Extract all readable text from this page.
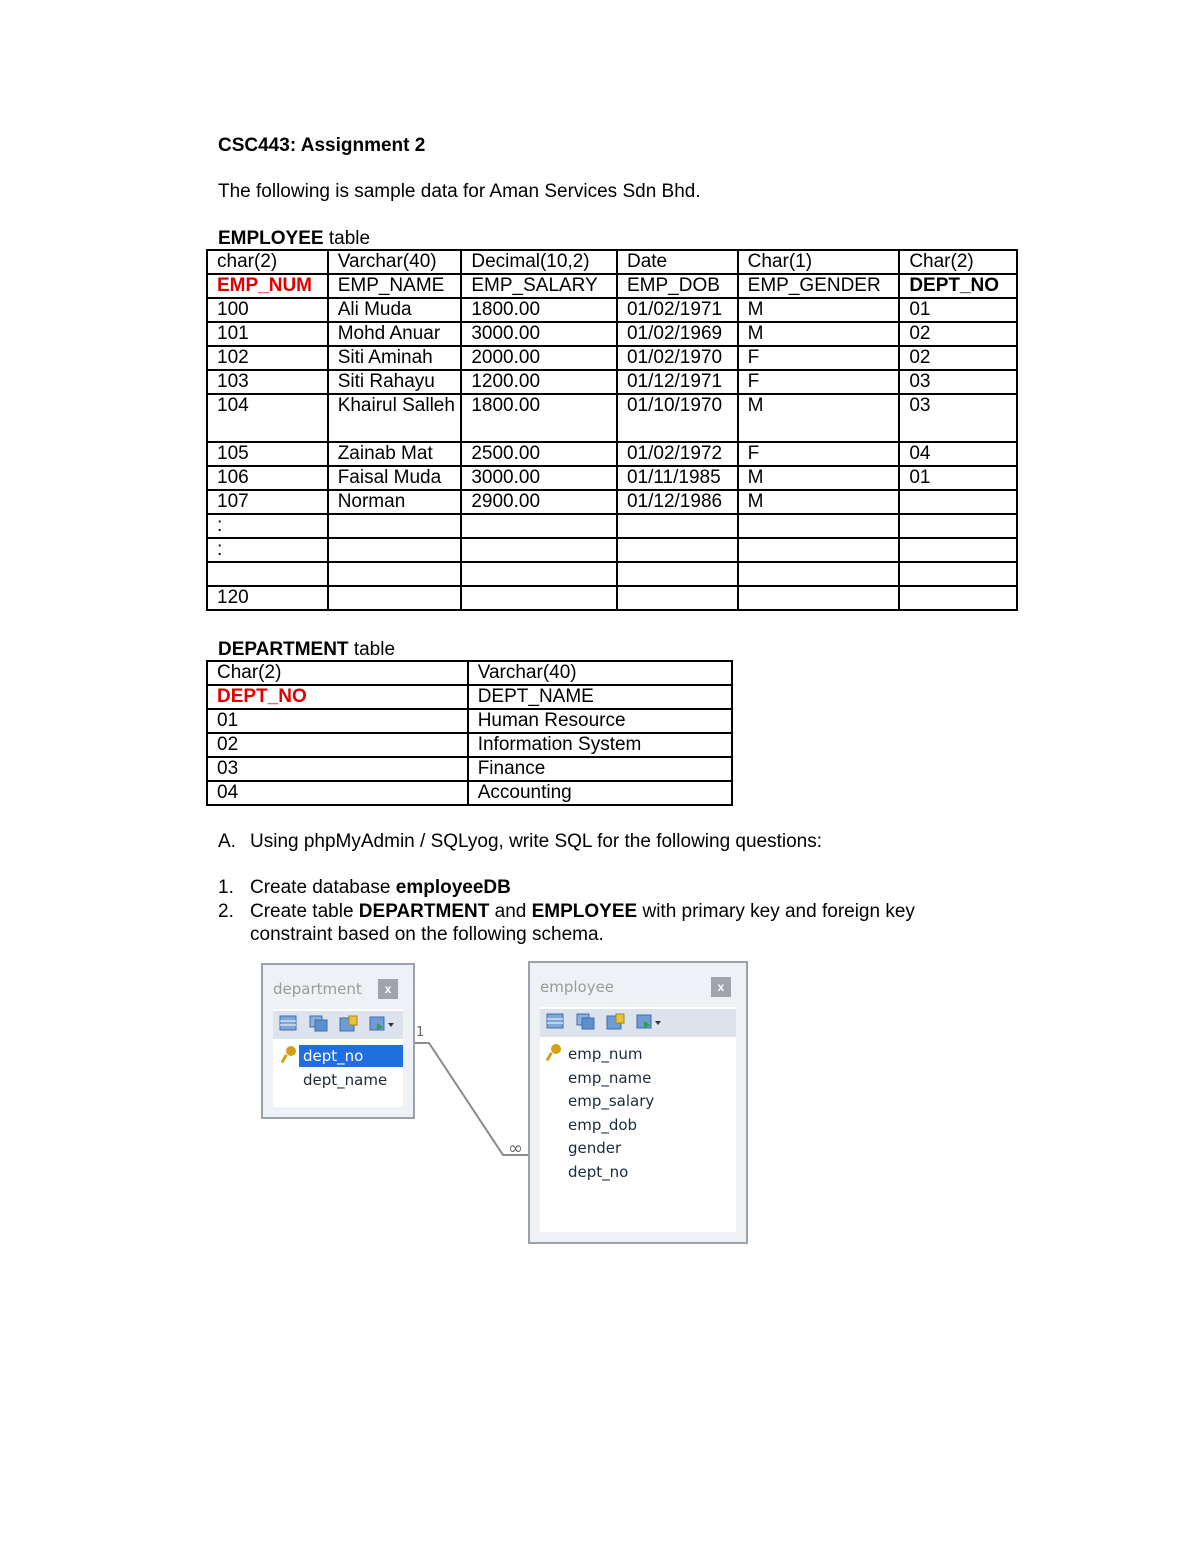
CSC443: Assignment 2
The following is sample data for Aman Services Sdn Bhd.
EMPLOYEE table
char(2)	Varchar(40)	Decimal(10,2)	Date	Char(1)	Char(2)
EMP_NUM	EMP_NAME	EMP_SALARY	EMP_DOB	EMP_GENDER	DEPT_NO
100	Ali Muda	1800.00	01/02/1971	M	01
101	Mohd Anuar	3000.00	01/02/1969	M	02
102	Siti Aminah	2000.00	01/02/1970	F	02
103	Siti Rahayu	1200.00	01/12/1971	F	03
104	Khairul Salleh	1800.00	01/10/1970	M	03
105	Zainab Mat	2500.00	01/02/1972	F	04
106	Faisal Muda	3000.00	01/11/1985	M	01
107	Norman	2900.00	01/12/1986	M	
:					
:					

120					
DEPARTMENT table
Char(2)	Varchar(40)
DEPT_NO	DEPT_NAME
01	Human Resource
02	Information System
03	Finance
04	Accounting
A. Using phpMyAdmin / SQLyog, write SQL for the following questions:
1. Create database employeeDB
2. Create table DEPARTMENT and EMPLOYEE with primary key and foreign key
constraint based on the following schema.
1
∞
department	x
dept_no
dept_name
employee	x
emp_num
emp_name
emp_salary
emp_dob
gender
dept_no
